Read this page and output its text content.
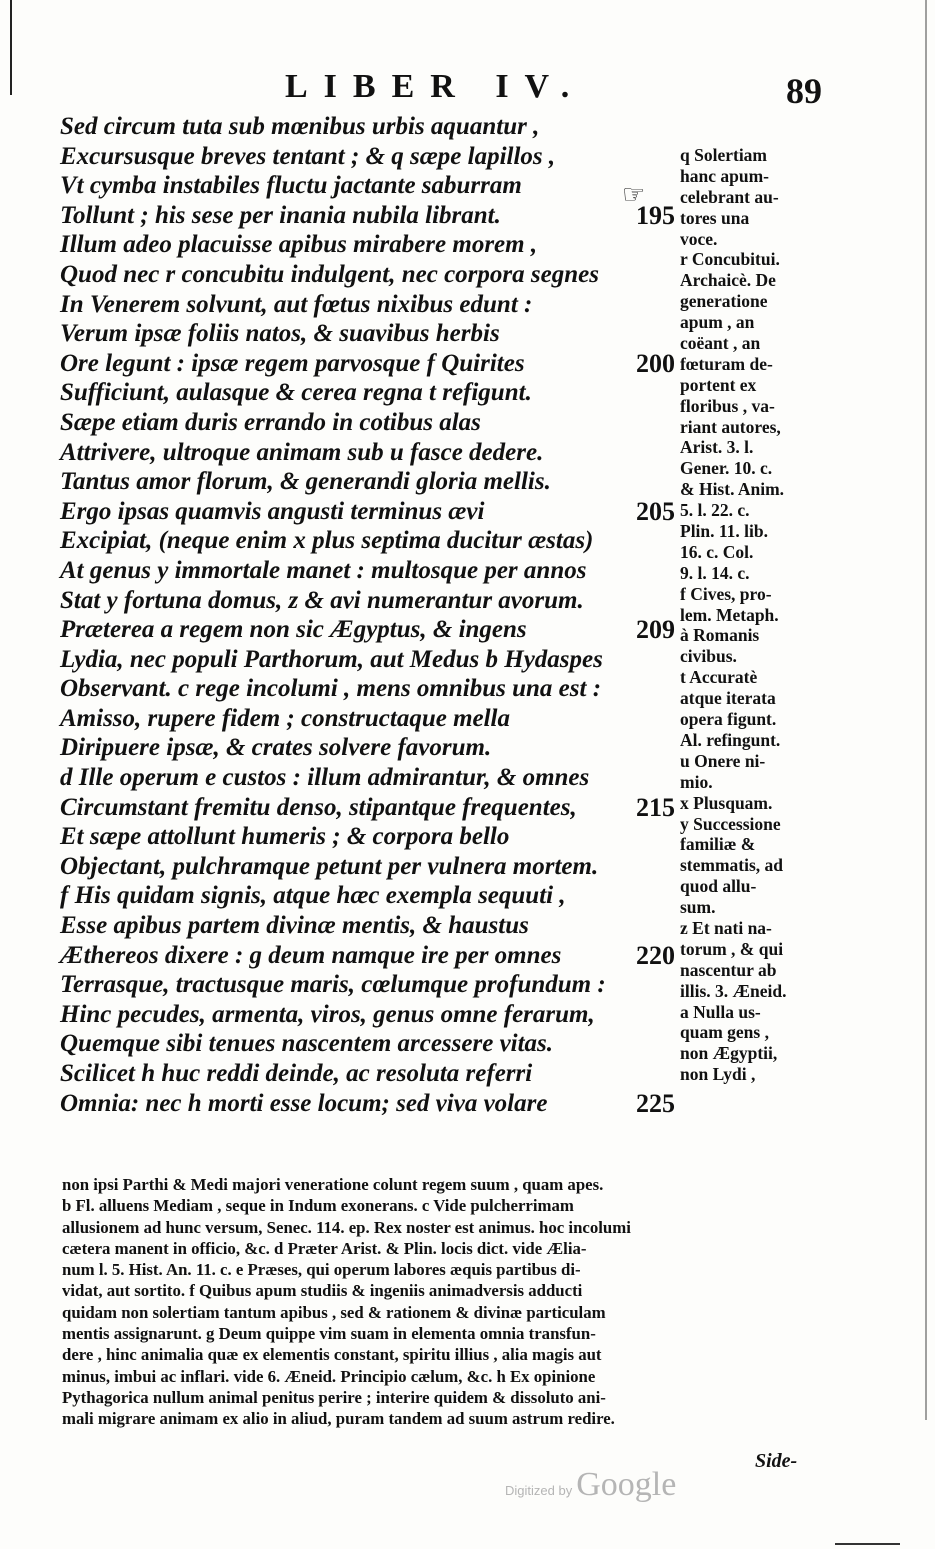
LIBER IV.	89
Sed circum tuta sub mœnibus urbis aquantur ,
Excursusque breves tentant ; & q sæpe lapillos ,
Vt cymba instabiles fluctu jactante saburram
Tollunt ; his sese per inania nubila librant.	195
Illum adeo placuisse apibus mirabere morem ,
Quod nec r concubitu indulgent, nec corpora segnes
In Venerem solvunt, aut fœtus nixibus edunt :
Verum ipsæ foliis natos, & suavibus herbis
Ore legunt : ipsæ regem parvosque f Quirites	200
Sufficiunt, aulasque & cerea regna t refigunt.
Sæpe etiam duris errando in cotibus alas
Attrivere, ultroque animam sub u fasce dedere.
Tantus amor florum, & generandi gloria mellis.
Ergo ipsas quamvis angusti terminus ævi	205
Excipiat, (neque enim x plus septima ducitur æstas)
At genus y immortale manet : multosque per annos
Stat y fortuna domus, z & avi numerantur avorum.
Præterea a regem non sic Ægyptus, & ingens	209
Lydia, nec populi Parthorum, aut Medus b Hydaspes
Observant. c rege incolumi , mens omnibus una est :
Amisso, rupere fidem ; constructaque mella
Diripuere ipsæ, & crates solvere favorum.
d Ille operum e custos : illum admirantur, & omnes
Circumstant fremitu denso, stipantque frequentes, 215
Et sæpe attollunt humeris ; & corpora bello
Objectant, pulchramque petunt per vulnera mortem.
f His quidam signis, atque hæc exempla sequuti ,
Esse apibus partem divinæ mentis, & haustus
Æthereos dixere : g deum namque ire per omnes	220
Terrasque, tractusque maris, cœlumque profundum :
Hinc pecudes, armenta, viros, genus omne ferarum,
Quemque sibi tenues nascentem arcessere vitas.
Scilicet h huc reddi deinde, ac resoluta referri
Omnia: nec h morti esse locum; sed viva volare	225
☞
q Solertiam
hanc apum-
celebrant au-
tores una
voce.
r Concubitui.
Archaicè. De
generatione
apum , an
coëant , an
fœturam de-
portent ex
floribus , va-
riant autores,
Arist. 3. l.
Gener. 10. c.
& Hist. Anim.
5. l. 22. c.
Plin. 11. lib.
16. c. Col.
9. l. 14. c.
f Cives, pro-
lem. Metaph.
à Romanis
civibus.
t Accuratè
atque iterata
opera figunt.
Al. refingunt.
u Onere ni-
mio.
x Plusquam.
y Successione
familiæ &
stemmatis, ad
quod allu-
sum.
z Et nati na-
torum , & qui
nascentur ab
illis. 3. Æneid.
a Nulla us-
quam gens ,
non Ægyptii,
non Lydi ,
non ipsi Parthi & Medi majori veneratione colunt regem suum , quam apes.
b Fl. alluens Mediam , seque in Indum exonerans. c Vide pulcherrimam
allusionem ad hunc versum, Senec. 114. ep. Rex noster est animus. hoc incolumi
cætera manent in officio, &c. d Præter Arist. & Plin. locis dict. vide Ælia-
num l. 5. Hist. An. 11. c. e Præses, qui operum labores æquis partibus di-
vidat, aut sortito. f Quibus apum studiis & ingeniis animadversis adducti
quidam non solertiam tantum apibus , sed & rationem & divinæ particulam
mentis assignarunt. g Deum quippe vim suam in elementa omnia transfun-
dere , hinc animalia quæ ex elementis constant, spiritu illius , alia magis aut
minus, imbui ac inflari. vide 6. Æneid. Principio cælum, &c. h Ex opinione
Pythagorica nullum animal penitus perire ; interire quidem & dissoluto ani-
mali migrare animam ex alio in aliud, puram tandem ad suum astrum redire.
Side-
Digitized by Google
